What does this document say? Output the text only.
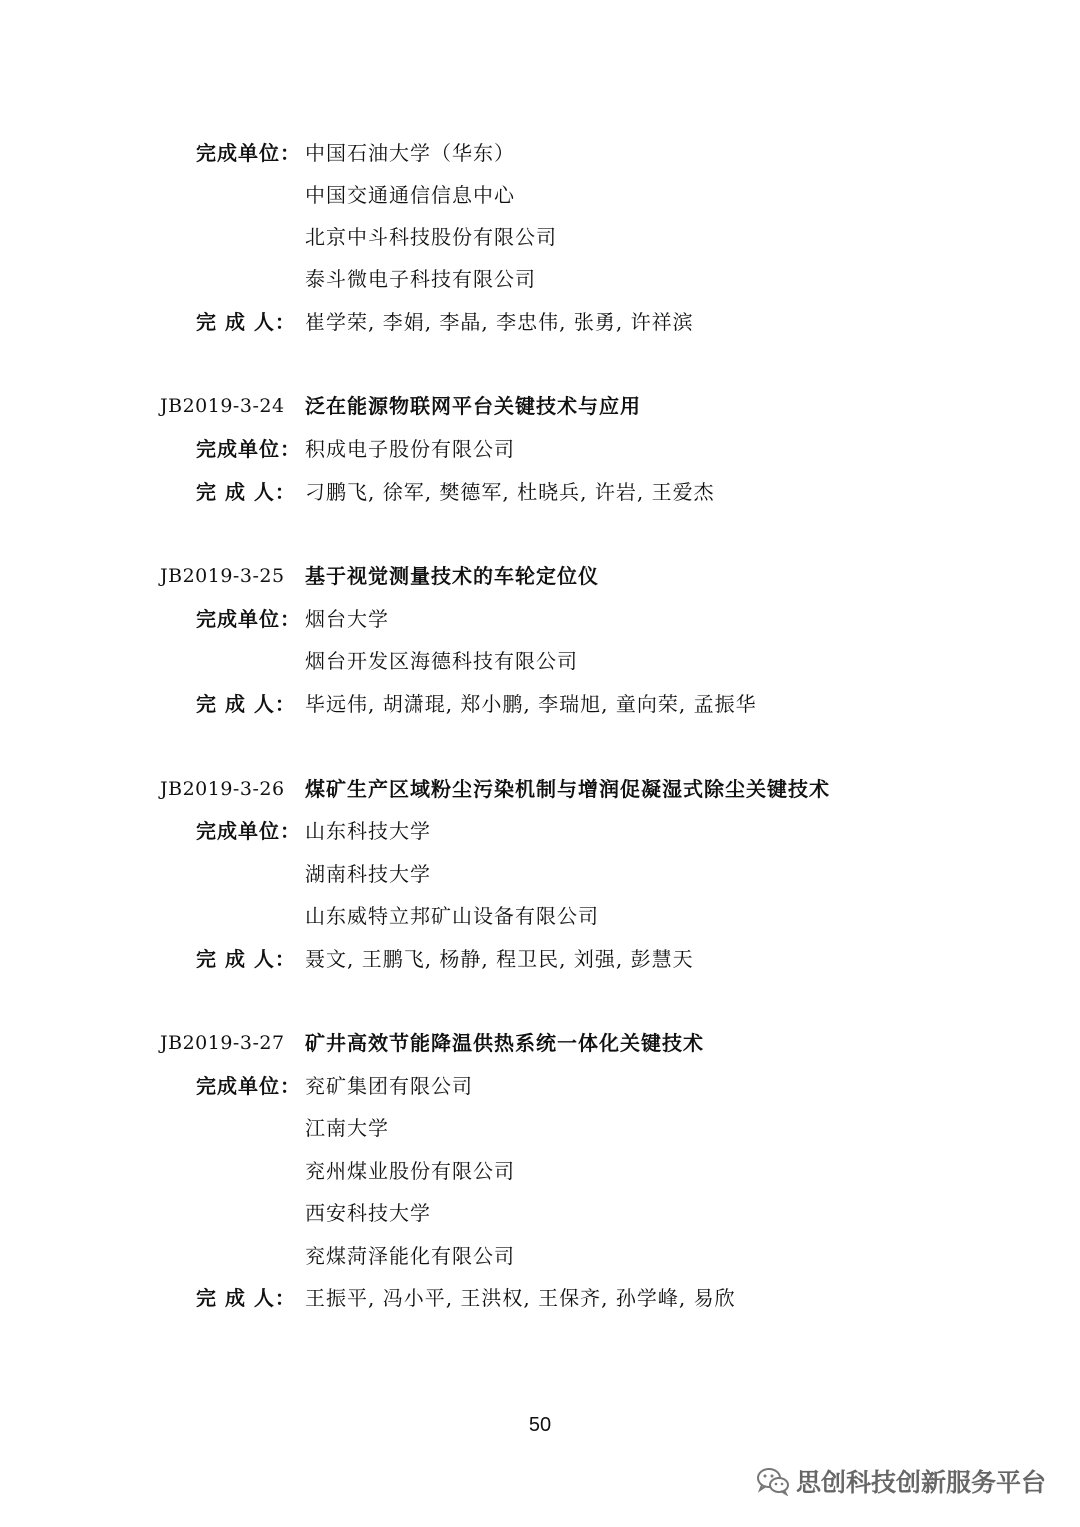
完成单位： 中国石油大学（华东）
中国交通通信信息中心
北京中斗科技股份有限公司
泰斗微电子科技有限公司
完 成 人： 崔学荣, 李娟, 李晶, 李忠伟, 张勇, 许祥滨
JB2019-3-24 泛在能源物联网平台关键技术与应用
完成单位： 积成电子股份有限公司
完 成 人： 刁鹏飞, 徐军, 樊德军, 杜晓兵, 许岩, 王爱杰
JB2019-3-25 基于视觉测量技术的车轮定位仪
完成单位： 烟台大学
烟台开发区海德科技有限公司
完 成 人： 毕远伟, 胡潇琨, 郑小鹏, 李瑞旭, 童向荣, 孟振华
JB2019-3-26 煤矿生产区域粉尘污染机制与增润促凝湿式除尘关键技术
完成单位： 山东科技大学
湖南科技大学
山东威特立邦矿山设备有限公司
完 成 人： 聂文, 王鹏飞, 杨静, 程卫民, 刘强, 彭慧天
JB2019-3-27 矿井高效节能降温供热系统一体化关键技术
完成单位： 兖矿集团有限公司
江南大学
兖州煤业股份有限公司
西安科技大学
兖煤菏泽能化有限公司
完 成 人： 王振平, 冯小平, 王洪权, 王保齐, 孙学峰, 易欣
50
思创科技创新服务平台
